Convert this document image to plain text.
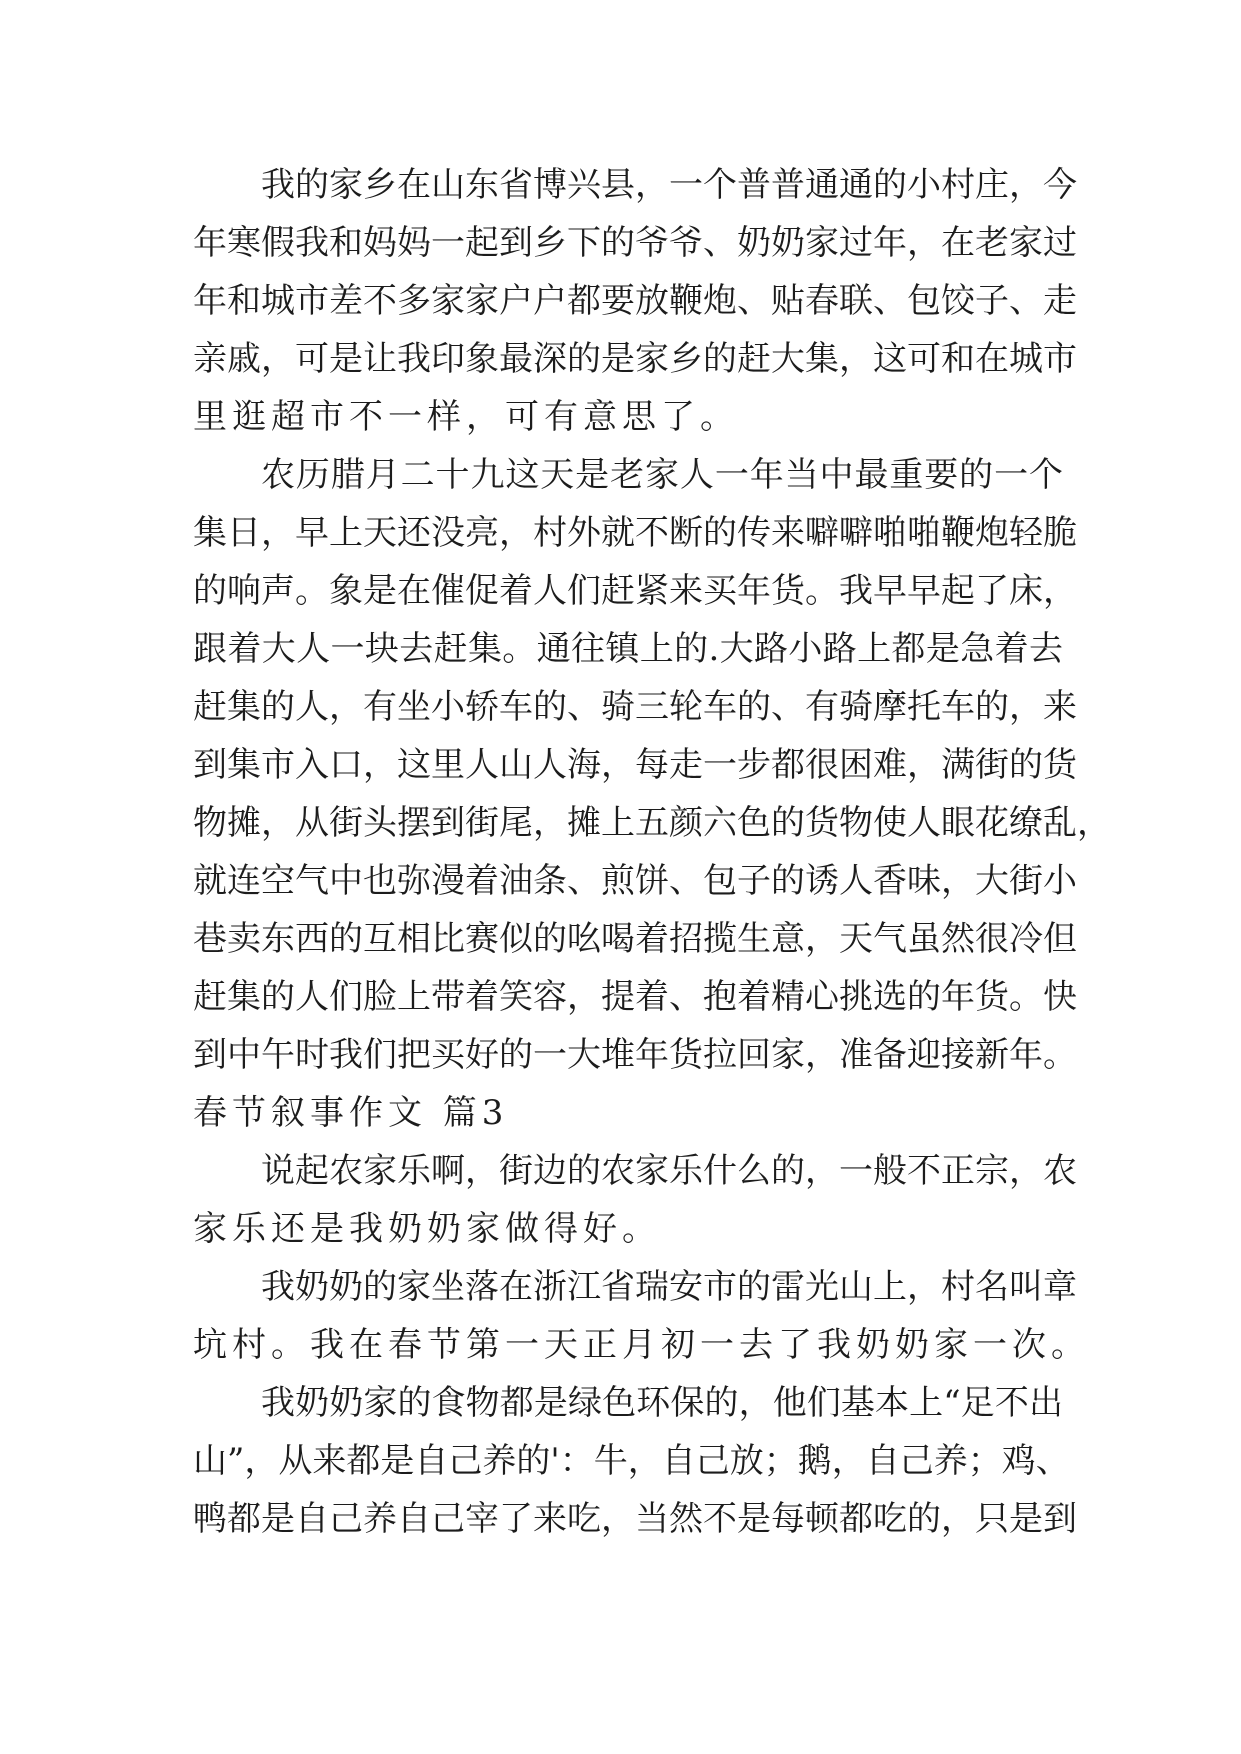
我的家乡在山东省博兴县，一个普普通通的小村庄，今
年寒假我和妈妈一起到乡下的爷爷、奶奶家过年，在老家过
年和城市差不多家家户户都要放鞭炮、贴春联、包饺子、走
亲戚，可是让我印象最深的是家乡的赶大集，这可和在城市
里逛超市不一样，可有意思了。
农历腊月二十九这天是老家人一年当中最重要的一个
集日，早上天还没亮，村外就不断的传来噼噼啪啪鞭炮轻脆
的响声。象是在催促着人们赶紧来买年货。我早早起了床，
跟着大人一块去赶集。通往镇上的.大路小路上都是急着去
赶集的人，有坐小轿车的、骑三轮车的、有骑摩托车的，来
到集市入口，这里人山人海，每走一步都很困难，满街的货
物摊，从街头摆到街尾，摊上五颜六色的货物使人眼花缭乱，
就连空气中也弥漫着油条、煎饼、包子的诱人香味，大街小
巷卖东西的互相比赛似的吆喝着招揽生意，天气虽然很冷但
赶集的人们脸上带着笑容，提着、抱着精心挑选的年货。快
到中午时我们把买好的一大堆年货拉回家，准备迎接新年。
春节叙事作文 篇3
说起农家乐啊，街边的农家乐什么的，一般不正宗，农
家乐还是我奶奶家做得好。
我奶奶的家坐落在浙江省瑞安市的雷光山上，村名叫章
坑村。我在春节第一天正月初一去了我奶奶家一次。
我奶奶家的食物都是绿色环保的，他们基本上“足不出
山”，从来都是自己养的'：牛，自己放；鹅，自己养；鸡、
鸭都是自己养自己宰了来吃，当然不是每顿都吃的，只是到
